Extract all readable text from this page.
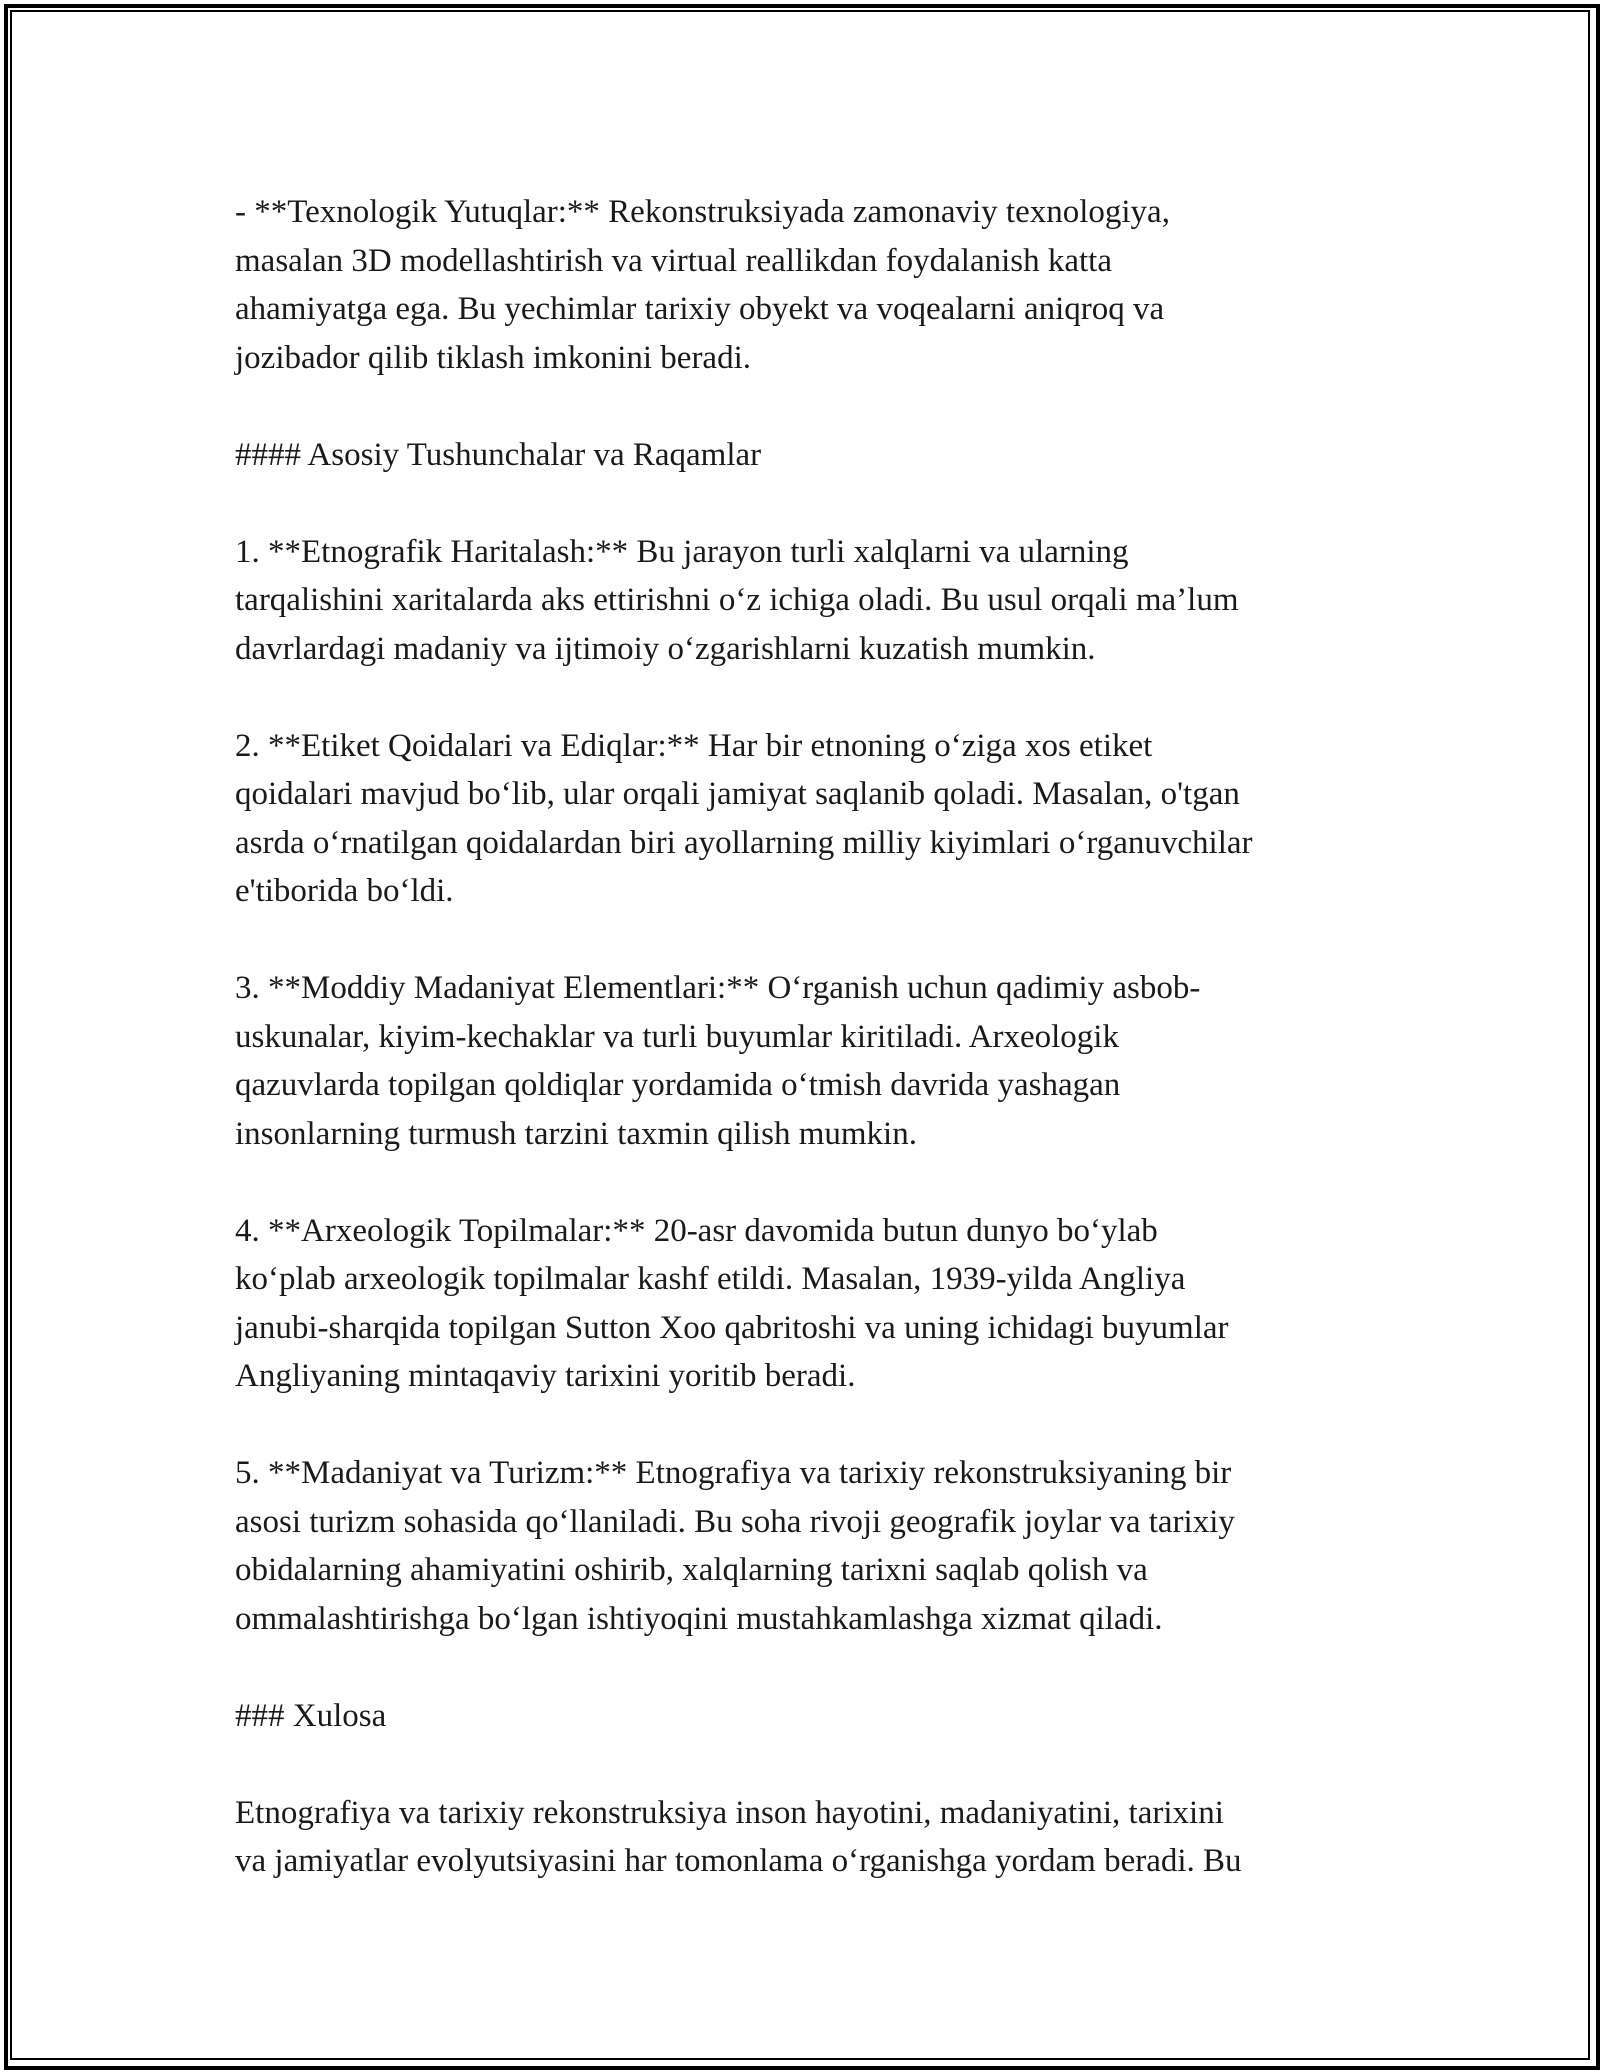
- **Texnologik Yutuqlar:** Rekonstruksiyada zamonaviy texnologiya,
masalan 3D modellashtirish va virtual reallikdan foydalanish katta
ahamiyatga ega. Bu yechimlar tarixiy obyekt va voqealarni aniqroq va
jozibador qilib tiklash imkonini beradi.

#### Asosiy Tushunchalar va Raqamlar

1. **Etnografik Haritalash:** Bu jarayon turli xalqlarni va ularning
tarqalishini xaritalarda aks ettirishni o‘z ichiga oladi. Bu usul orqali ma’lum
davrlardagi madaniy va ijtimoiy o‘zgarishlarni kuzatish mumkin.

2. **Etiket Qoidalari va Ediqlar:** Har bir etnoning o‘ziga xos etiket
qoidalari mavjud bo‘lib, ular orqali jamiyat saqlanib qoladi. Masalan, o'tgan
asrda o‘rnatilgan qoidalardan biri ayollarning milliy kiyimlari o‘rganuvchilar
e'tiborida bo‘ldi.

3. **Moddiy Madaniyat Elementlari:** O‘rganish uchun qadimiy asbob-
uskunalar, kiyim-kechaklar va turli buyumlar kiritiladi. Arxeologik
qazuvlarda topilgan qoldiqlar yordamida o‘tmish davrida yashagan
insonlarning turmush tarzini taxmin qilish mumkin.

4. **Arxeologik Topilmalar:** 20-asr davomida butun dunyo bo‘ylab
ko‘plab arxeologik topilmalar kashf etildi. Masalan, 1939-yilda Angliya
janubi-sharqida topilgan Sutton Xoo qabritoshi va uning ichidagi buyumlar
Angliyaning mintaqaviy tarixini yoritib beradi.

5. **Madaniyat va Turizm:** Etnografiya va tarixiy rekonstruksiyaning bir
asosi turizm sohasida qo‘llaniladi. Bu soha rivoji geografik joylar va tarixiy
obidalarning ahamiyatini oshirib, xalqlarning tarixni saqlab qolish va
ommalashtirishga bo‘lgan ishtiyoqini mustahkamlashga xizmat qiladi.

### Xulosa

Etnografiya va tarixiy rekonstruksiya inson hayotini, madaniyatini, tarixini
va jamiyatlar evolyutsiyasini har tomonlama o‘rganishga yordam beradi. Bu
